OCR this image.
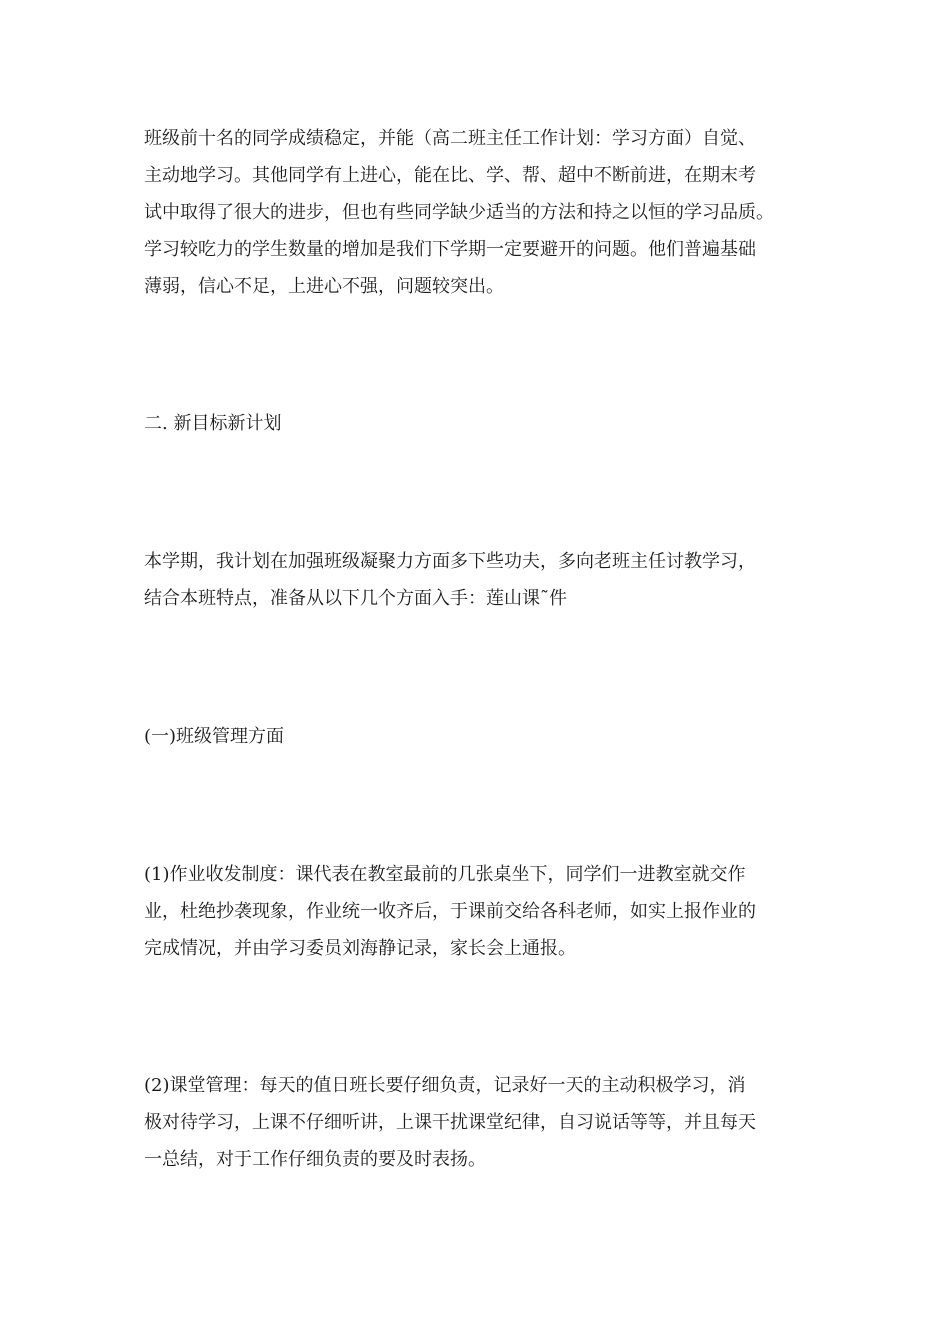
班级前十名的同学成绩稳定，并能（高二班主任工作计划：学习方面）自觉、
主动地学习。其他同学有上进心，能在比、学、帮、超中不断前进，在期末考
试中取得了很大的进步，但也有些同学缺少适当的方法和持之以恒的学习品质。
学习较吃力的学生数量的增加是我们下学期一定要避开的问题。他们普遍基础
薄弱，信心不足，上进心不强，问题较突出。

二. 新目标新计划

本学期，我计划在加强班级凝聚力方面多下些功夫，多向老班主任讨教学习，
结合本班特点，准备从以下几个方面入手：莲山课˜件

(一)班级管理方面

(1)作业收发制度：课代表在教室最前的几张桌坐下，同学们一进教室就交作
业，杜绝抄袭现象，作业统一收齐后，于课前交给各科老师，如实上报作业的
完成情况，并由学习委员刘海静记录，家长会上通报。

(2)课堂管理：每天的值日班长要仔细负责，记录好一天的主动积极学习，消
极对待学习，上课不仔细听讲，上课干扰课堂纪律，自习说话等等，并且每天
一总结，对于工作仔细负责的要及时表扬。
